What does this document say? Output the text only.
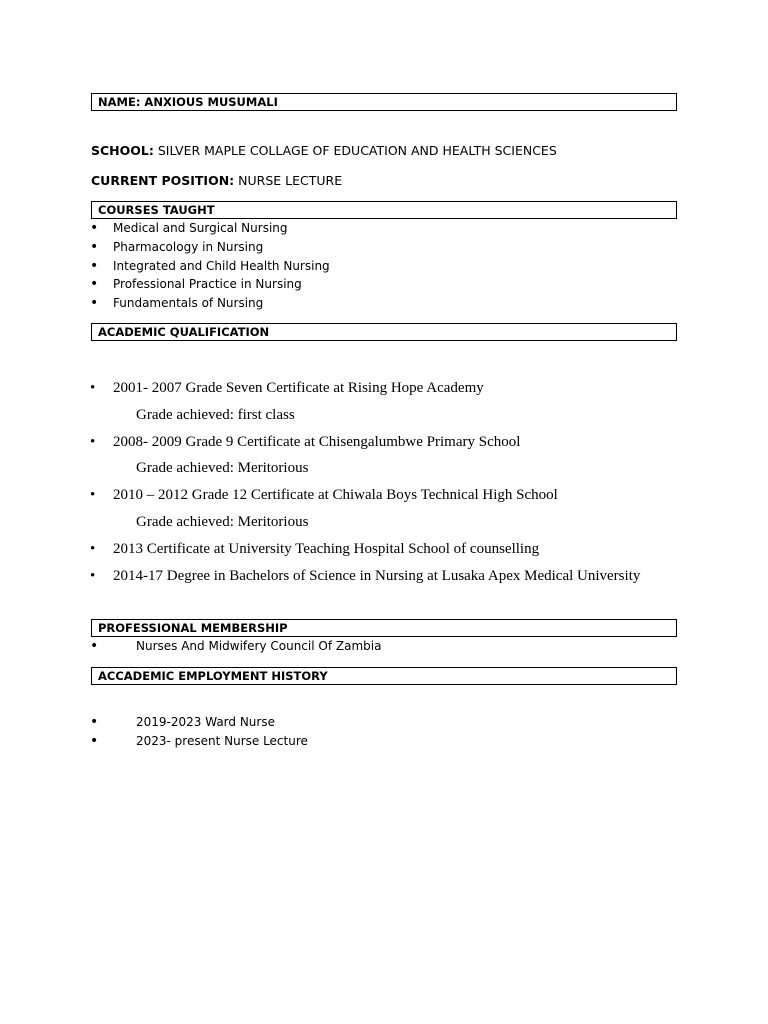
NAME: ANXIOUS MUSUMALI
SCHOOL: SILVER MAPLE COLLAGE OF EDUCATION AND HEALTH SCIENCES
CURRENT POSITION: NURSE LECTURE
COURSES TAUGHT
• Medical and Surgical Nursing
• Pharmacology in Nursing
• Integrated and Child Health Nursing
• Professional Practice in Nursing
• Fundamentals of Nursing
ACADEMIC QUALIFICATION
• 2001- 2007 Grade Seven Certificate at Rising Hope Academy
Grade achieved: first class
• 2008- 2009 Grade 9 Certificate at Chisengalumbwe Primary School
Grade achieved: Meritorious
• 2010 – 2012 Grade 12 Certificate at Chiwala Boys Technical High School
Grade achieved: Meritorious
• 2013 Certificate at University Teaching Hospital School of counselling
• 2014-17 Degree in Bachelors of Science in Nursing at Lusaka Apex Medical University
PROFESSIONAL MEMBERSHIP
•	Nurses And Midwifery Council Of Zambia
ACCADEMIC EMPLOYMENT HISTORY
•	2019-2023 Ward Nurse
•	2023- present Nurse Lecture
